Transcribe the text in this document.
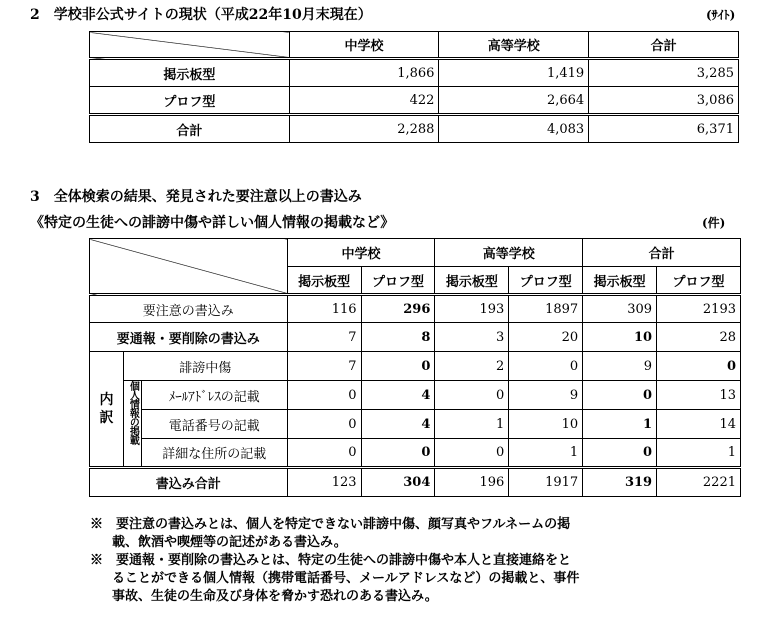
2　学校非公式サイトの現状（平成22年10月末現在）	(ｻｲﾄ)
	中学校	高等学校	合計
掲示板型	1,866	1,419	3,285
プロフ型	422	2,664	3,086
合計	2,288	4,083	6,371
3　全体検索の結果、発見された要注意以上の書込み
《特定の生徒への誹謗中傷や詳しい個人情報の掲載など》	(件)
			中学校		高等学校		合計	
			掲示板型	プロフ型	掲示板型	プロフ型	掲示板型	プロフ型
要注意の書込み			116	296	193	1897	309	2193
要通報・要削除の書込み			7	8	3	20	10	28
内訳	誹謗中傷		7	0	2	0	9	0
	個人情報の掲載	ﾒｰﾙｱﾄﾞﾚｽの記載	0	4	0	9	0	13
		電話番号の記載	0	4	1	10	1	14
		詳細な住所の記載	0	0	0	1	0	1
書込み合計			123	304	196	1917	319	2221
※　要注意の書込みとは、個人を特定できない誹謗中傷、顔写真やフルネームの掲
載、飲酒や喫煙等の記述がある書込み。
※　要通報・要削除の書込みとは、特定の生徒への誹謗中傷や本人と直接連絡をと
ることができる個人情報（携帯電話番号、メールアドレスなど）の掲載と、事件
事故、生徒の生命及び身体を脅かす恐れのある書込み。
